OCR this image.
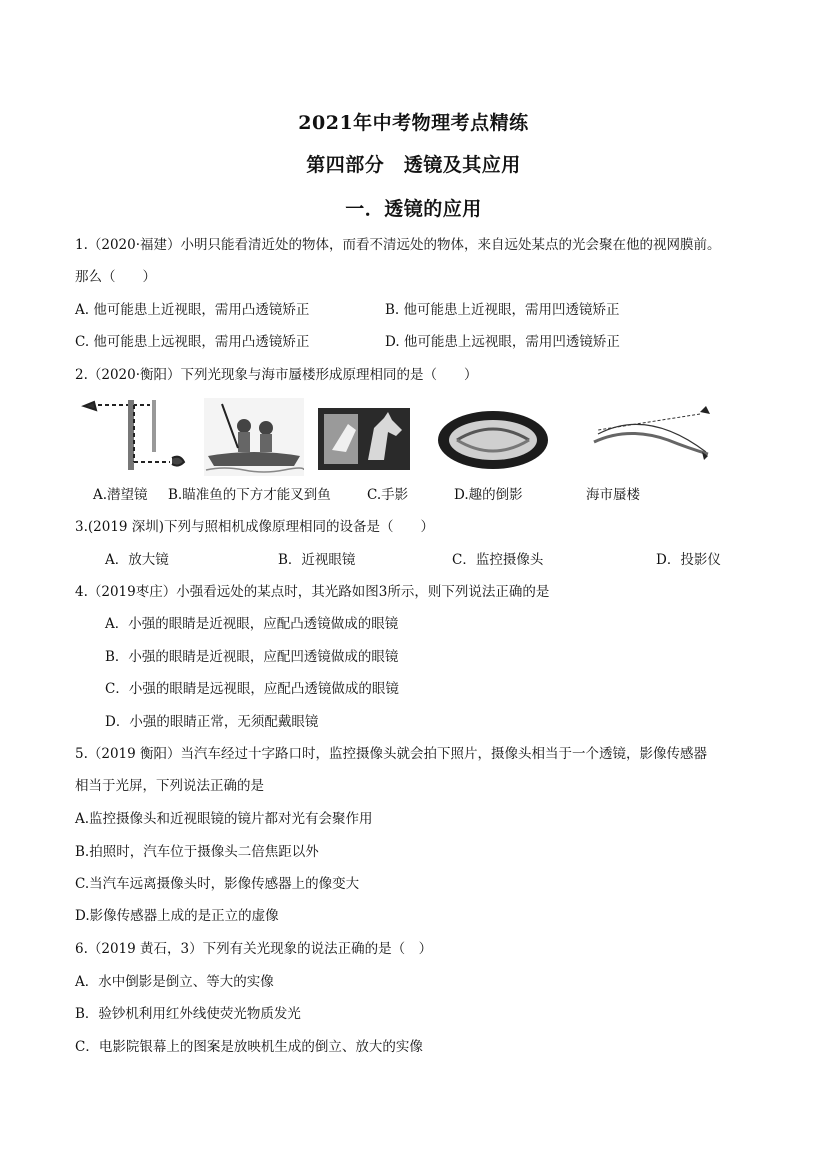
2021年中考物理考点精练
第四部分　透镜及其应用
一．透镜的应用
1.（2020·福建）小明只能看清近处的物体，而看不清远处的物体，来自远处某点的光会聚在他的视网膜前。
那么（　　）
A. 他可能患上近视眼，需用凸透镜矫正	B. 他可能患上近视眼，需用凹透镜矫正
C. 他可能患上远视眼，需用凸透镜矫正	D. 他可能患上远视眼，需用凹透镜矫正
2.（2020·衡阳）下列光现象与海市蜃楼形成原理相同的是（　　）
A.潜望镜 B.瞄准鱼的下方才能叉到鱼	C.手影	D.趣的倒影	海市蜃楼
3.(2019 深圳)下列与照相机成像原理相同的设备是（　　）
A．放大镜	B．近视眼镜	C．监控摄像头	D．投影仪
4.（2019枣庄）小强看远处的某点时，其光路如图3所示，则下列说法正确的是
A．小强的眼睛是近视眼，应配凸透镜做成的眼镜
B．小强的眼睛是近视眼，应配凹透镜做成的眼镜
C．小强的眼睛是远视眼，应配凸透镜做成的眼镜
D．小强的眼睛正常，无须配戴眼镜
5.（2019 衡阳）当汽车经过十字路口时，监控摄像头就会拍下照片，摄像头相当于一个透镜，影像传感器
相当于光屏，下列说法正确的是
A.监控摄像头和近视眼镜的镜片都对光有会聚作用
B.拍照时，汽车位于摄像头二倍焦距以外
C.当汽车远离摄像头时，影像传感器上的像变大
D.影像传感器上成的是正立的虚像
6.（2019 黄石，3）下列有关光现象的说法正确的是（　）
A．水中倒影是倒立、等大的实像
B．验钞机利用红外线使荧光物质发光
C．电影院银幕上的图案是放映机生成的倒立、放大的实像
